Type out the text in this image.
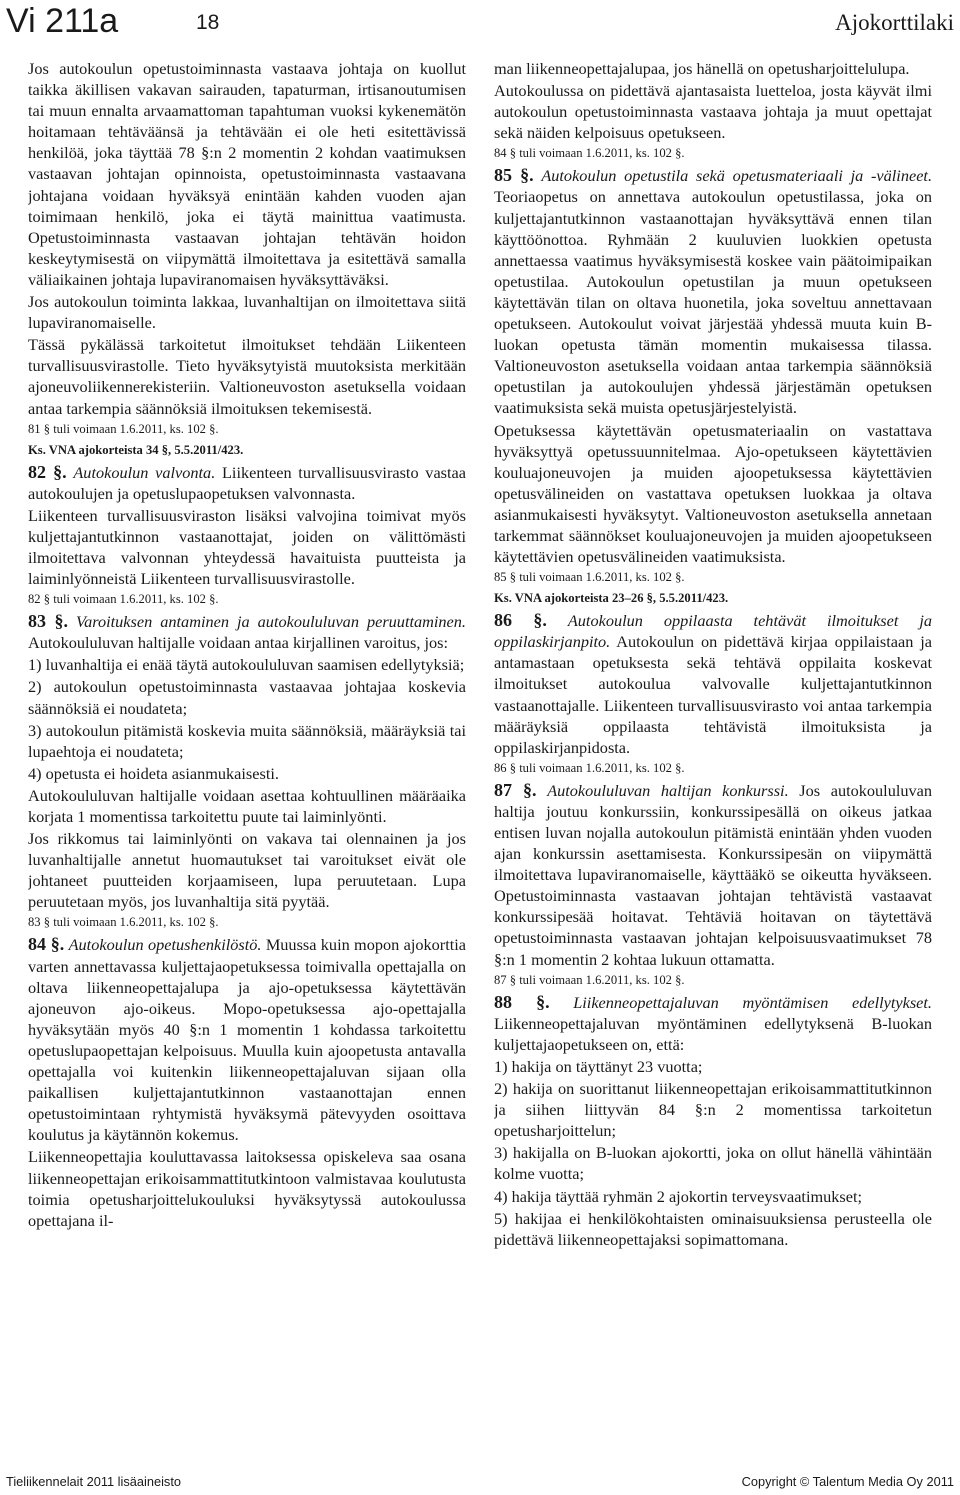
Vi 211a	18	Ajokorttilaki

Jos autokoulun opetustoiminnasta vastaava johtaja on kuollut taikka äkillisen vakavan sairauden, tapaturman, irtisanoutumisen tai muun ennalta arvaamattoman tapahtuman vuoksi kykenemätön hoitamaan tehtäväänsä ja tehtävään ei ole heti esitettävissä henkilöä, joka täyttää 78 §:n 2 momentin 2 kohdan vaatimuksen vastaavan johtajan opinnoista, opetustoiminnasta vastaavana johtajana voidaan hyväksyä enintään kahden vuoden ajan toimimaan henkilö, joka ei täytä mainittua vaatimusta. Opetustoiminnasta vastaavan johtajan tehtävän hoidon keskeytymisestä on viipymättä ilmoitettava ja esitettävä samalla väliaikainen johtaja lupaviranomaisen hyväksyttäväksi.

Jos autokoulun toiminta lakkaa, luvanhaltijan on ilmoitettava siitä lupaviranomaiselle.

Tässä pykälässä tarkoitetut ilmoitukset tehdään Liikenteen turvallisuusvirastolle. Tieto hyväksytyistä muutoksista merkitään ajoneuvoliikennerekisteriin. Valtioneuvoston asetuksella voidaan antaa tarkempia säännöksiä ilmoituksen tekemisestä.

81 § tuli voimaan 1.6.2011, ks. 102 §.

Ks. VNA ajokorteista 34 §, 5.5.2011/423.

82 §. Autokoulun valvonta. Liikenteen turvallisuusvirasto vastaa autokoulujen ja opetuslupaopetuksen valvonnasta.

Liikenteen turvallisuusviraston lisäksi valvojina toimivat myös kuljettajantutkinnon vastaanottajat, joiden on välittömästi ilmoitettava valvonnan yhteydessä havaituista puutteista ja laiminlyönneistä Liikenteen turvallisuusvirastolle.

82 § tuli voimaan 1.6.2011, ks. 102 §.

83 §. Varoituksen antaminen ja autokoululuvan peruuttaminen. Autokoululuvan haltijalle voidaan antaa kirjallinen varoitus, jos:

1) luvanhaltija ei enää täytä autokoululuvan saamisen edellytyksiä;

2) autokoulun opetustoiminnasta vastaavaa johtajaa koskevia säännöksiä ei noudateta;

3) autokoulun pitämistä koskevia muita säännöksiä, määräyksiä tai lupaehtoja ei noudateta;

4) opetusta ei hoideta asianmukaisesti.

Autokoululuvan haltijalle voidaan asettaa kohtuullinen määräaika korjata 1 momentissa tarkoitettu puute tai laiminlyönti.

Jos rikkomus tai laiminlyönti on vakava tai olennainen ja jos luvanhaltijalle annetut huomautukset tai varoitukset eivät ole johtaneet puutteiden korjaamiseen, lupa peruutetaan. Lupa peruutetaan myös, jos luvanhaltija sitä pyytää.

83 § tuli voimaan 1.6.2011, ks. 102 §.

84 §. Autokoulun opetushenkilöstö. Muussa kuin mopon ajokorttia varten annettavassa kuljettajaopetuksessa toimivalla opettajalla on oltava liikenneopettajalupa ja ajo-opetuksessa käytettävän ajoneuvon ajo-oikeus. Mopo-opetuksessa ajo-opettajalla hyväksytään myös 40 §:n 1 momentin 1 kohdassa tarkoitettu opetuslupaopettajan kelpoisuus. Muulla kuin ajoopetusta antavalla opettajalla voi kuitenkin liikenneopettajaluvan sijaan olla paikallisen kuljettajantutkinnon vastaanottajan ennen opetustoimintaan ryhtymistä hyväksymä pätevyyden osoittava koulutus ja käytännön kokemus.

Liikenneopettajia kouluttavassa laitoksessa opiskeleva saa osana liikenneopettajan erikoisammattitutkintoon valmistavaa koulutusta toimia opetusharjoittelukouluksi hyväksytyssä autokoulussa opettajana il-

man liikenneopettajalupaa, jos hänellä on opetusharjoittelulupa.

Autokoulussa on pidettävä ajantasaista luetteloa, josta käyvät ilmi autokoulun opetustoiminnasta vastaava johtaja ja muut opettajat sekä näiden kelpoisuus opetukseen.

84 § tuli voimaan 1.6.2011, ks. 102 §.

85 §. Autokoulun opetustila sekä opetusmateriaali ja -välineet. Teoriaopetus on annettava autokoulun opetustilassa, joka on kuljettajantutkinnon vastaanottajan hyväksyttävä ennen tilan käyttöönottoa. Ryhmään 2 kuuluvien luokkien opetusta annettaessa vaatimus hyväksymisestä koskee vain päätoimipaikan opetustilaa. Autokoulun opetustilan ja muun opetukseen käytettävän tilan on oltava huonetila, joka soveltuu annettavaan opetukseen. Autokoulut voivat järjestää yhdessä muuta kuin B-luokan opetusta tämän momentin mukaisessa tilassa. Valtioneuvoston asetuksella voidaan antaa tarkempia säännöksiä opetustilan ja autokoulujen yhdessä järjestämän opetuksen vaatimuksista sekä muista opetusjärjestelyistä.

Opetuksessa käytettävän opetusmateriaalin on vastattava hyväksyttyä opetussuunnitelmaa. Ajo-opetukseen käytettävien kouluajoneuvojen ja muiden ajoopetuksessa käytettävien opetusvälineiden on vastattava opetuksen luokkaa ja oltava asianmukaisesti hyväksytyt. Valtioneuvoston asetuksella annetaan tarkemmat säännökset kouluajoneuvojen ja muiden ajoopetukseen käytettävien opetusvälineiden vaatimuksista.

85 § tuli voimaan 1.6.2011, ks. 102 §.

Ks. VNA ajokorteista 23–26 §, 5.5.2011/423.

86 §. Autokoulun oppilaasta tehtävät ilmoitukset ja oppilaskirjanpito. Autokoulun on pidettävä kirjaa oppilaistaan ja antamastaan opetuksesta sekä tehtävä oppilaita koskevat ilmoitukset autokoulua valvovalle kuljettajantutkinnon vastaanottajalle. Liikenteen turvallisuusvirasto voi antaa tarkempia määräyksiä oppilaasta tehtävistä ilmoituksista ja oppilaskirjanpidosta.

86 § tuli voimaan 1.6.2011, ks. 102 §.

87 §. Autokoululuvan haltijan konkurssi. Jos autokoululuvan haltija joutuu konkurssiin, konkurssipesällä on oikeus jatkaa entisen luvan nojalla autokoulun pitämistä enintään yhden vuoden ajan konkurssin asettamisesta. Konkurssipesän on viipymättä ilmoitettava lupaviranomaiselle, käyttääkö se oikeutta hyväkseen. Opetustoiminnasta vastaavan johtajan tehtävistä vastaavat konkurssipesää hoitavat. Tehtäviä hoitavan on täytettävä opetustoiminnasta vastaavan johtajan kelpoisuusvaatimukset 78 §:n 1 momentin 2 kohtaa lukuun ottamatta.

87 § tuli voimaan 1.6.2011, ks. 102 §.

88 §. Liikenneopettajaluvan myöntämisen edellytykset. Liikenneopettajaluvan myöntäminen edellytyksenä B-luokan kuljettajaopetukseen on, että:

1) hakija on täyttänyt 23 vuotta;

2) hakija on suorittanut liikenneopettajan erikoisammattitutkinnon ja siihen liittyvän 84 §:n 2 momentissa tarkoitetun opetusharjoittelun;

3) hakijalla on B-luokan ajokortti, joka on ollut hänellä vähintään kolme vuotta;

4) hakija täyttää ryhmän 2 ajokortin terveysvaatimukset;

5) hakijaa ei henkilökohtaisten ominaisuuksiensa perusteella ole pidettävä liikenneopettajaksi sopimattomana.

Tieliikennelait 2011 lisäaineisto	Copyright © Talentum Media Oy 2011
